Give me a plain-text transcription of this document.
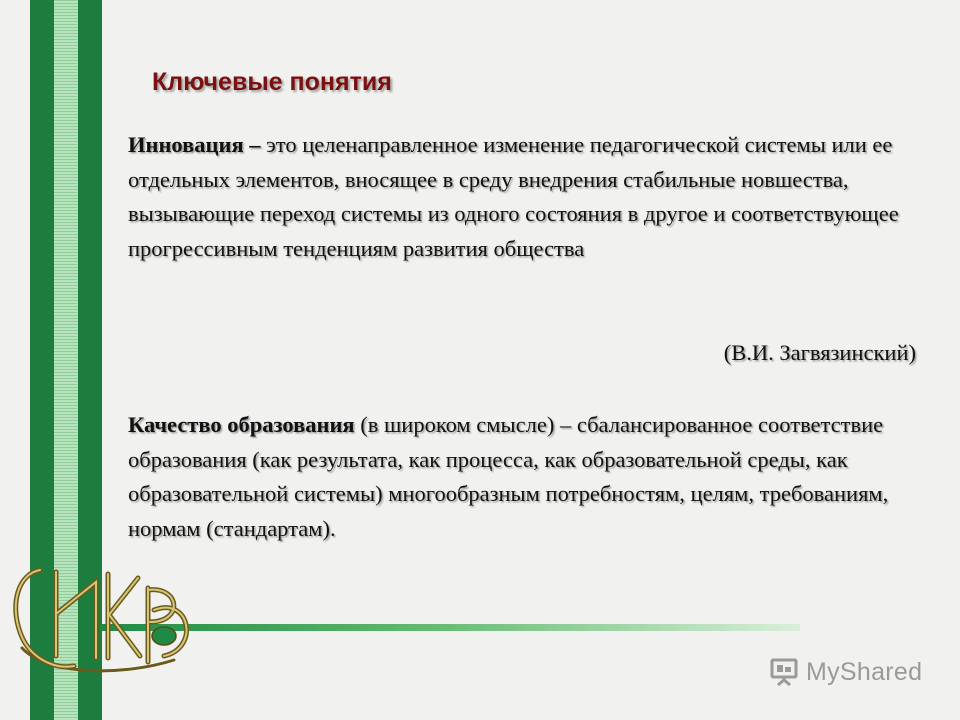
Ключевые понятия

Инновация – это целенаправленное изменение педагогической системы или ее отдельных элементов, вносящее в среду внедрения стабильные новшества, вызывающие переход системы из одного состояния в другое и соответствующее прогрессивным тенденциям развития общества

(В.И. Загвязинский)

Качество образования (в широком смысле) – сбалансированное соответствие образования (как результата, как процесса, как образовательной среды, как образовательной системы) многообразным потребностям, целям, требованиям, нормам (стандартам).

MyShared
